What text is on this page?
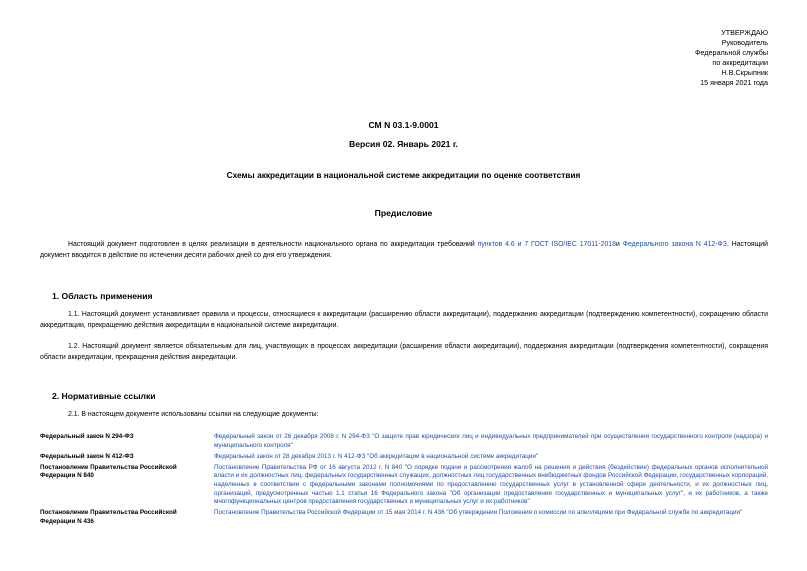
УТВЕРЖДАЮ
Руководитель
Федеральной службы
по аккредитации
Н.В.Скрыпник
15 января 2021 года
СМ N 03.1-9.0001
Версия 02. Январь 2021 г.
Схемы аккредитации в национальной системе аккредитации по оценке соответствия
Предисловие
Настоящий документ подготовлен в целях реализации в деятельности национального органа по аккредитации требований пунктов 4.6 и 7 ГОСТ ISO/IEC 17011-2018и Федерального закона N 412-ФЗ. Настоящий документ вводится в действие по истечении десяти рабочих дней со дня его утверждения.
1. Область применения
1.1. Настоящий документ устанавливает правила и процессы, относящиеся к аккредитации (расширению области аккредитации), поддержанию аккредитации (подтверждению компетентности), сокращению области аккредитации, прекращению действия аккредитации в национальной системе аккредитации.
1.2. Настоящий документ является обязательным для лиц, участвующих в процессах аккредитации (расширения области аккредитации), поддержания аккредитации (подтверждения компетентности), сокращения области аккредитации, прекращения действия аккредитации.
2. Нормативные ссылки
2.1. В настоящем документе использованы ссылки на следующие документы:
Федеральный закон N 294-ФЗ	Федеральный закон от 26 декабря 2008 г. N 294-ФЗ "О защите прав юридических лиц и индивидуальных предпринимателей при осуществлении государственного контроля (надзора) и муниципального контроля"
Федеральный закон N 412-ФЗ	Федеральный закон от 28 декабря 2013 г. N 412-ФЗ "Об аккредитации в национальной системе аккредитации"
Постановление Правительства Российской Федерации N 840	Постановление Правительства РФ от 16 августа 2012 г. N 840 "О порядке подачи и рассмотрения жалоб на решения и действия (бездействие) федеральных органов исполнительной власти и их должностных лиц, федеральных государственных служащих, должностных лиц государственных внебюджетных фондов Российской Федерации, государственных корпораций, наделенных в соответствии с федеральными законами полномочиями по предоставлению государственных услуг в установленной сфере деятельности, и их должностных лиц, организаций, предусмотренных частью 1.1 статьи 16 Федерального закона "Об организации предоставления государственных и муниципальных услуг", и их работников, а также многофункциональных центров предоставления государственных и муниципальных услуг и их работников"
Постановление Правительства Российской Федерации N 436	Постановление Правительства Российской Федерации от 15 мая 2014 г. N 436 "Об утверждении Положения о комиссии по апелляциям при Федеральной службе по аккредитации"
